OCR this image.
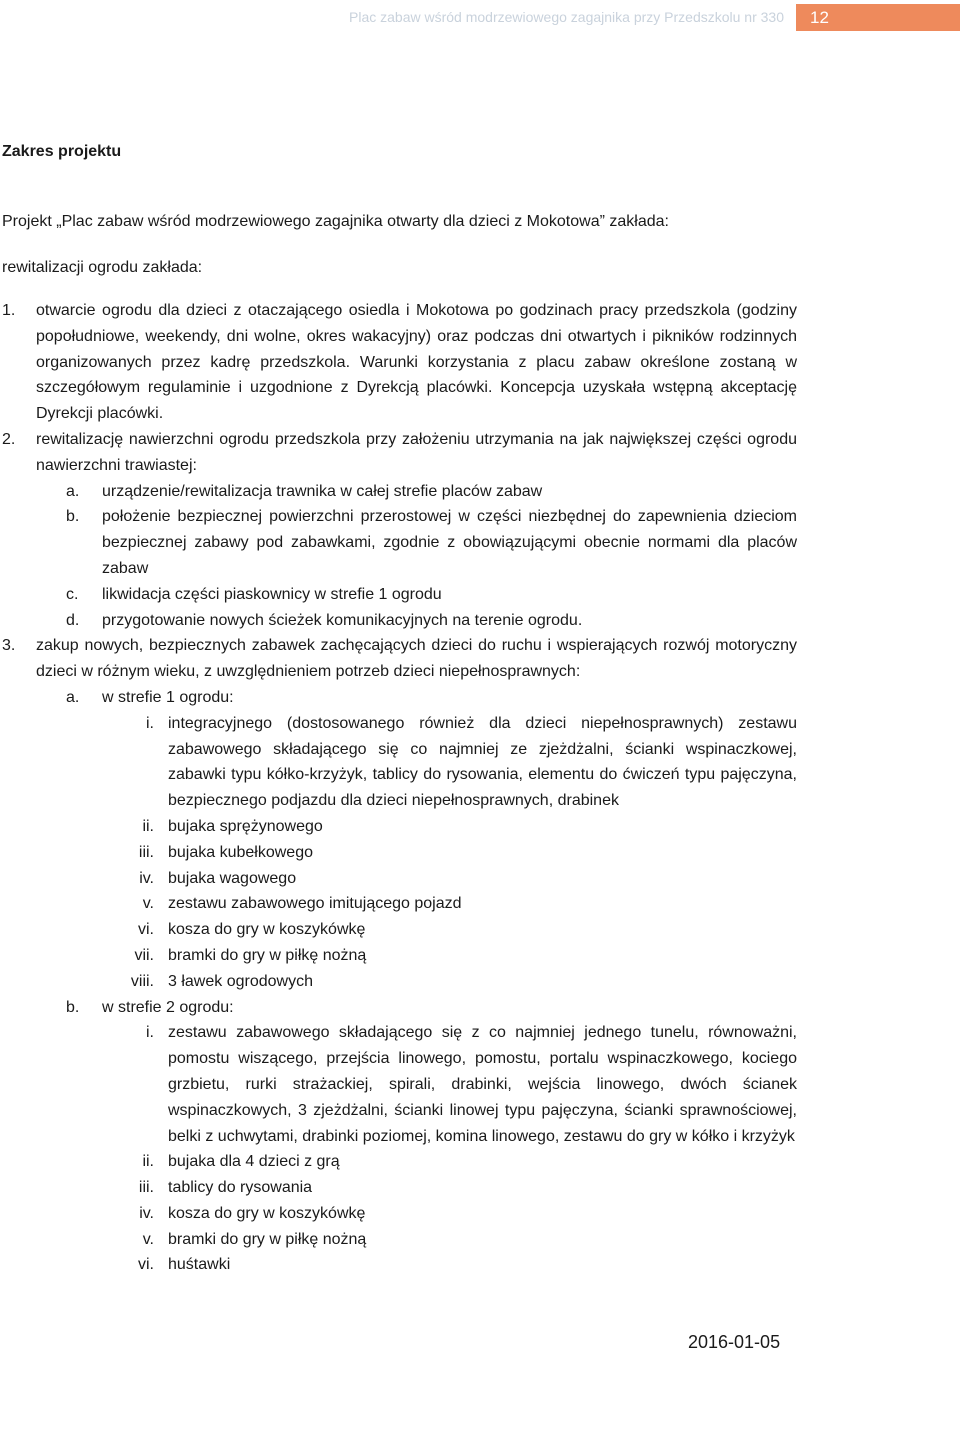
Plac zabaw wśród modrzewiowego zagajnika przy Przedszkolu nr 330 12
Zakres projektu
Projekt „Plac zabaw wśród modrzewiowego zagajnika otwarty dla dzieci z Mokotowa” zakłada:
rewitalizacji ogrodu zakłada:
1.	otwarcie ogrodu dla dzieci z otaczającego osiedla i Mokotowa po godzinach pracy przedszkola (godziny popołudniowe, weekendy, dni wolne, okres wakacyjny) oraz podczas dni otwartych i pikników rodzinnych organizowanych przez kadrę przedszkola. Warunki korzystania z placu zabaw określone zostaną w szczegółowym regulaminie i uzgodnione z Dyrekcją placówki. Koncepcja uzyskała wstępną akceptację Dyrekcji placówki.
2.	rewitalizację nawierzchni ogrodu przedszkola przy założeniu utrzymania na jak największej części ogrodu nawierzchni trawiastej:
a.	urządzenie/rewitalizacja trawnika w całej strefie placów zabaw
b.	położenie bezpiecznej powierzchni przerostowej w części niezbędnej do zapewnienia dzieciom bezpiecznej zabawy pod zabawkami, zgodnie z obowiązującymi obecnie normami dla placów zabaw
c.	likwidacja części piaskownicy w strefie 1 ogrodu
d.	przygotowanie nowych ścieżek komunikacyjnych na terenie ogrodu.
3.	zakup nowych, bezpiecznych zabawek zachęcających dzieci do ruchu i wspierających rozwój motoryczny dzieci w różnym wieku, z uwzględnieniem potrzeb dzieci niepełnosprawnych:
a.	w strefie 1 ogrodu:
i. integracyjnego (dostosowanego również dla dzieci niepełnosprawnych) zestawu zabawowego składającego się co najmniej ze zjeżdżalni, ścianki wspinaczkowej, zabawki typu kółko-krzyżyk, tablicy do rysowania, elementu do ćwiczeń typu pajęczyna, bezpiecznego podjazdu dla dzieci niepełnosprawnych, drabinek
ii. bujaka sprężynowego
iii. bujaka kubełkowego
iv. bujaka wagowego
v. zestawu zabawowego imitującego pojazd
vi. kosza do gry w koszykówkę
vii. bramki do gry w piłkę nożną
viii. 3 ławek ogrodowych
b.	w strefie 2 ogrodu:
i. zestawu zabawowego składającego się z co najmniej jednego tunelu, równoważni, pomostu wiszącego, przejścia linowego, pomostu, portalu wspinaczkowego, kociego grzbietu, rurki strażackiej, spirali, drabinki, wejścia linowego, dwóch ścianek wspinaczkowych, 3 zjeżdżalni, ścianki linowej typu pajęczyna, ścianki sprawnościowej, belki z uchwytami, drabinki poziomej, komina linowego, zestawu do gry w kółko i krzyżyk
ii. bujaka dla 4 dzieci z grą
iii. tablicy do rysowania
iv. kosza do gry w koszykówkę
v. bramki do gry w piłkę nożną
vi. huśtawki
2016-01-05
